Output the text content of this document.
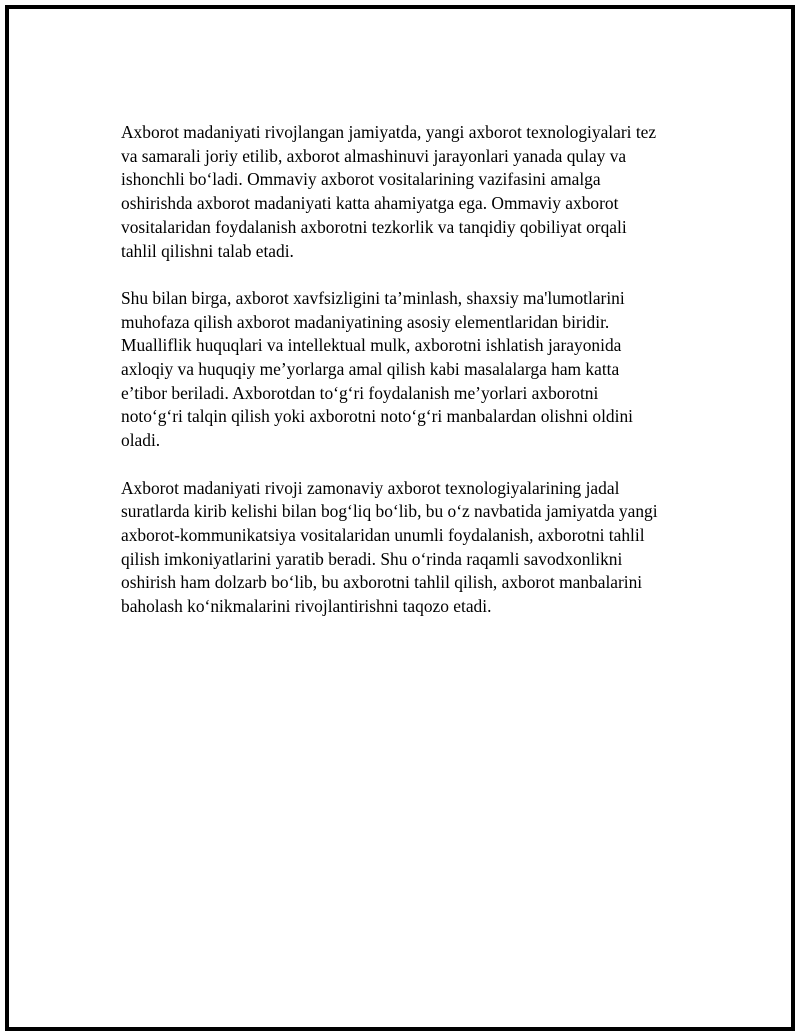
Axborot madaniyati rivojlangan jamiyatda, yangi axborot texnologiyalari tez
va samarali joriy etilib, axborot almashinuvi jarayonlari yanada qulay va
ishonchli bo‘ladi. Ommaviy axborot vositalarining vazifasini amalga
oshirishda axborot madaniyati katta ahamiyatga ega. Ommaviy axborot
vositalaridan foydalanish axborotni tezkorlik va tanqidiy qobiliyat orqali
tahlil qilishni talab etadi.

Shu bilan birga, axborot xavfsizligini ta’minlash, shaxsiy ma'lumotlarini
muhofaza qilish axborot madaniyatining asosiy elementlaridan biridir.
Mualliflik huquqlari va intellektual mulk, axborotni ishlatish jarayonida
axloqiy va huquqiy me’yorlarga amal qilish kabi masalalarga ham katta
e’tibor beriladi. Axborotdan to‘g‘ri foydalanish me’yorlari axborotni
noto‘g‘ri talqin qilish yoki axborotni noto‘g‘ri manbalardan olishni oldini
oladi.

Axborot madaniyati rivoji zamonaviy axborot texnologiyalarining jadal
suratlarda kirib kelishi bilan bog‘liq bo‘lib, bu o‘z navbatida jamiyatda yangi
axborot-kommunikatsiya vositalaridan unumli foydalanish, axborotni tahlil
qilish imkoniyatlarini yaratib beradi. Shu o‘rinda raqamli savodxonlikni
oshirish ham dolzarb bo‘lib, bu axborotni tahlil qilish, axborot manbalarini
baholash ko‘nikmalarini rivojlantirishni taqozo etadi.
